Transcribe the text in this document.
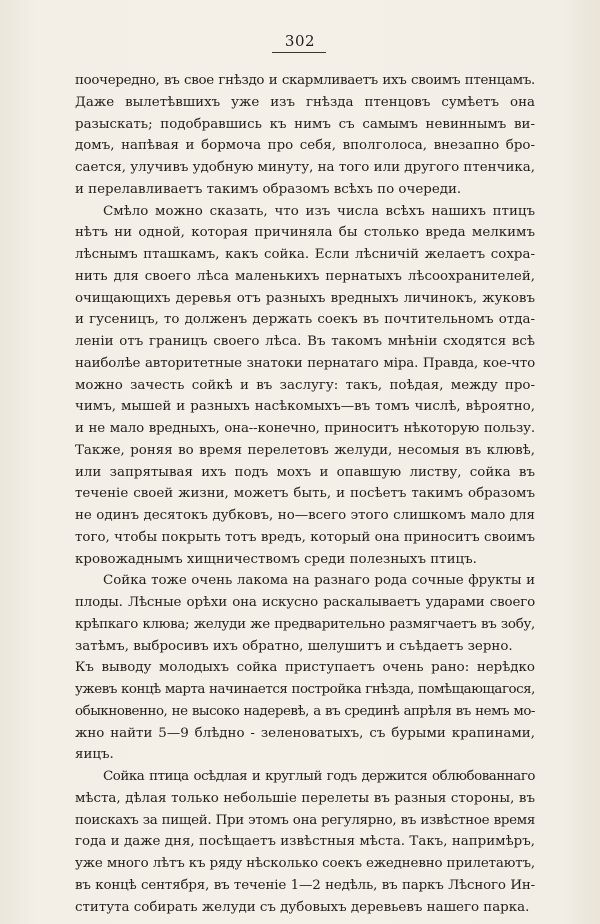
302

поочередно, въ свое гнѣздо и скармливаетъ ихъ своимъ птенцамъ.
Даже вылетѣвшихъ уже изъ гнѣзда птенцовъ сумѣетъ она
разыскать; подобравшись къ нимъ съ самымъ невиннымъ ви-
домъ, напѣвая и бормоча про себя, вполголоса, внезапно бро-
сается, улучивъ удобную минуту, на того или другого птенчика,
и перелавливаетъ такимъ образомъ всѣхъ по очереди.

Смѣло можно сказать, что изъ числа всѣхъ нашихъ птицъ
нѣтъ ни одной, которая причиняла бы столько вреда мелкимъ
лѣснымъ пташкамъ, какъ сойка. Если лѣсничій желаетъ сохра-
нить для своего лѣса маленькихъ пернатыхъ лѣсоохранителей,
очищающихъ деревья отъ разныхъ вредныхъ личинокъ, жуковъ
и гусеницъ, то долженъ держать соекъ въ почтительномъ отда-
леніи отъ границъ своего лѣса. Въ такомъ мнѣніи сходятся всѣ
наиболѣе авторитетные знатоки пернатаго міра. Правда, кое-что
можно зачесть сойкѣ и въ заслугу: такъ, поѣдая, между про-
чимъ, мышей и разныхъ насѣкомыхъ—въ томъ числѣ, вѣроятно,
и не мало вредныхъ, она--конечно, приноситъ нѣкоторую пользу.
Также, роняя во время перелетовъ желуди, несомыя въ клювѣ,
или запрятывая ихъ подъ мохъ и опавшую листву, сойка въ
теченіе своей жизни, можетъ быть, и посѣетъ такимъ образомъ
не одинъ десятокъ дубковъ, но—всего этого слишкомъ мало для
того, чтобы покрыть тотъ вредъ, который она приноситъ своимъ
кровожаднымъ хищничествомъ среди полезныхъ птицъ.

Сойка тоже очень лакома на разнаго рода сочные фрукты и
плоды. Лѣсные орѣхи она искусно раскалываетъ ударами своего
крѣпкаго клюва; желуди же предварительно размягчаетъ въ зобу,
затѣмъ, выбросивъ ихъ обратно, шелушитъ и съѣдаетъ зерно.

Къ выводу молодыхъ сойка приступаетъ очень рано: нерѣдко
ужевъ концѣ марта начинается постройка гнѣзда, помѣщающагося,
обыкновенно, не высоко надеревѣ, а въ срединѣ апрѣля въ немъ мо-
жно найти 5—9 блѣдно - зеленоватыхъ, съ бурыми крапинами,
яицъ.

Сойка птица осѣдлая и круглый годъ держится облюбованнаго
мѣста, дѣлая только небольшіе перелеты въ разныя стороны, въ
поискахъ за пищей. При этомъ она регулярно, въ извѣстное время
года и даже дня, посѣщаетъ извѣстныя мѣста. Такъ, напримѣръ,
уже много лѣтъ къ ряду нѣсколько соекъ ежедневно прилетаютъ,
въ концѣ сентября, въ теченіе 1—2 недѣль, въ паркъ Лѣсного Ин-
ститута собирать желуди съ дубовыхъ деревьевъ нашего парка.
